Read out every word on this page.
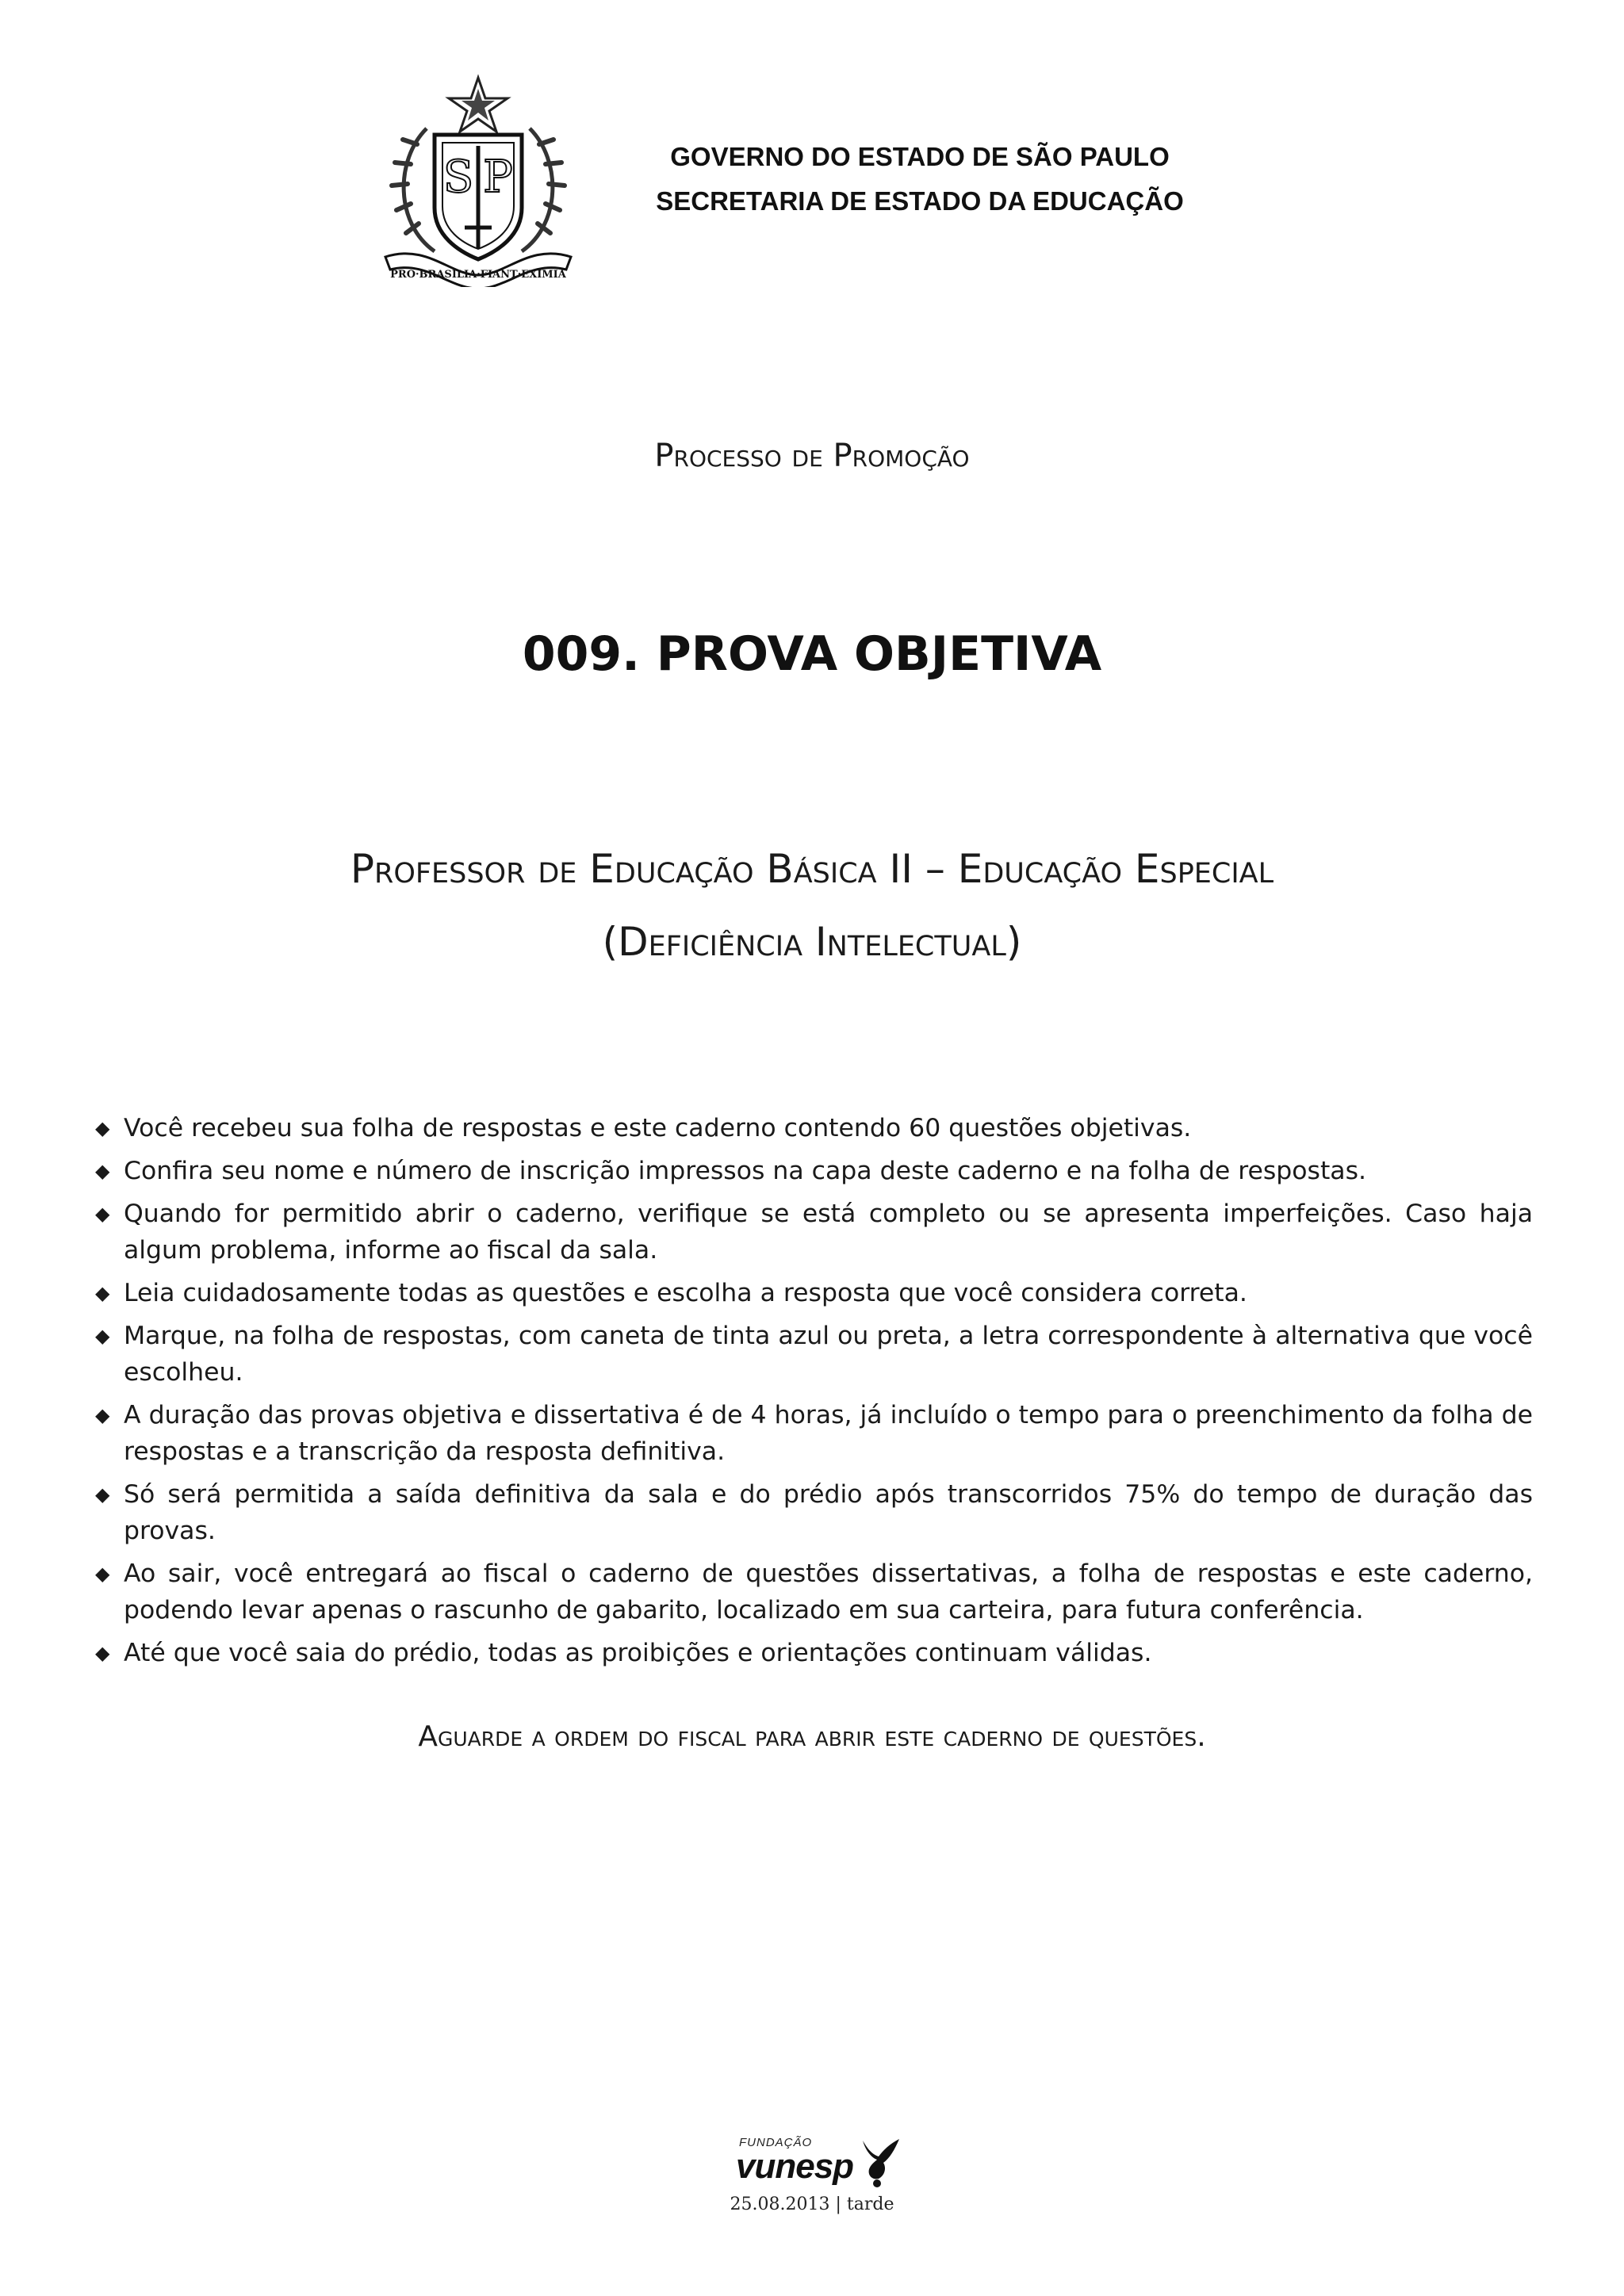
S P
PRO·BRASILIA·FIANT·EXIMIA
GOVERNO DO ESTADO DE SÃO PAULO
SECRETARIA DE ESTADO DA EDUCAÇÃO
Processo de Promoção
009. PROVA OBJETIVA
Professor de Educação Básica II – Educação Especial
(Deficiência Intelectual)
◆ Você recebeu sua folha de respostas e este caderno contendo 60 questões objetivas.
◆ Confira seu nome e número de inscrição impressos na capa deste caderno e na folha de respostas.
◆ Quando for permitido abrir o caderno, verifique se está completo ou se apresenta imperfeições. Caso haja algum problema, informe ao fiscal da sala.
◆ Leia cuidadosamente todas as questões e escolha a resposta que você considera correta.
◆ Marque, na folha de respostas, com caneta de tinta azul ou preta, a letra correspondente à alternativa que você escolheu.
◆ A duração das provas objetiva e dissertativa é de 4 horas, já incluído o tempo para o preenchimento da folha de respostas e a transcrição da resposta definitiva.
◆ Só será permitida a saída definitiva da sala e do prédio após transcorridos 75% do tempo de duração das provas.
◆ Ao sair, você entregará ao fiscal o caderno de questões dissertativas, a folha de respostas e este caderno, podendo levar apenas o rascunho de gabarito, localizado em sua carteira, para futura conferência.
◆ Até que você saia do prédio, todas as proibições e orientações continuam válidas.
Aguarde a ordem do fiscal para abrir este caderno de questões.
FUNDAÇÃO
vunesp
25.08.2013 | tarde
